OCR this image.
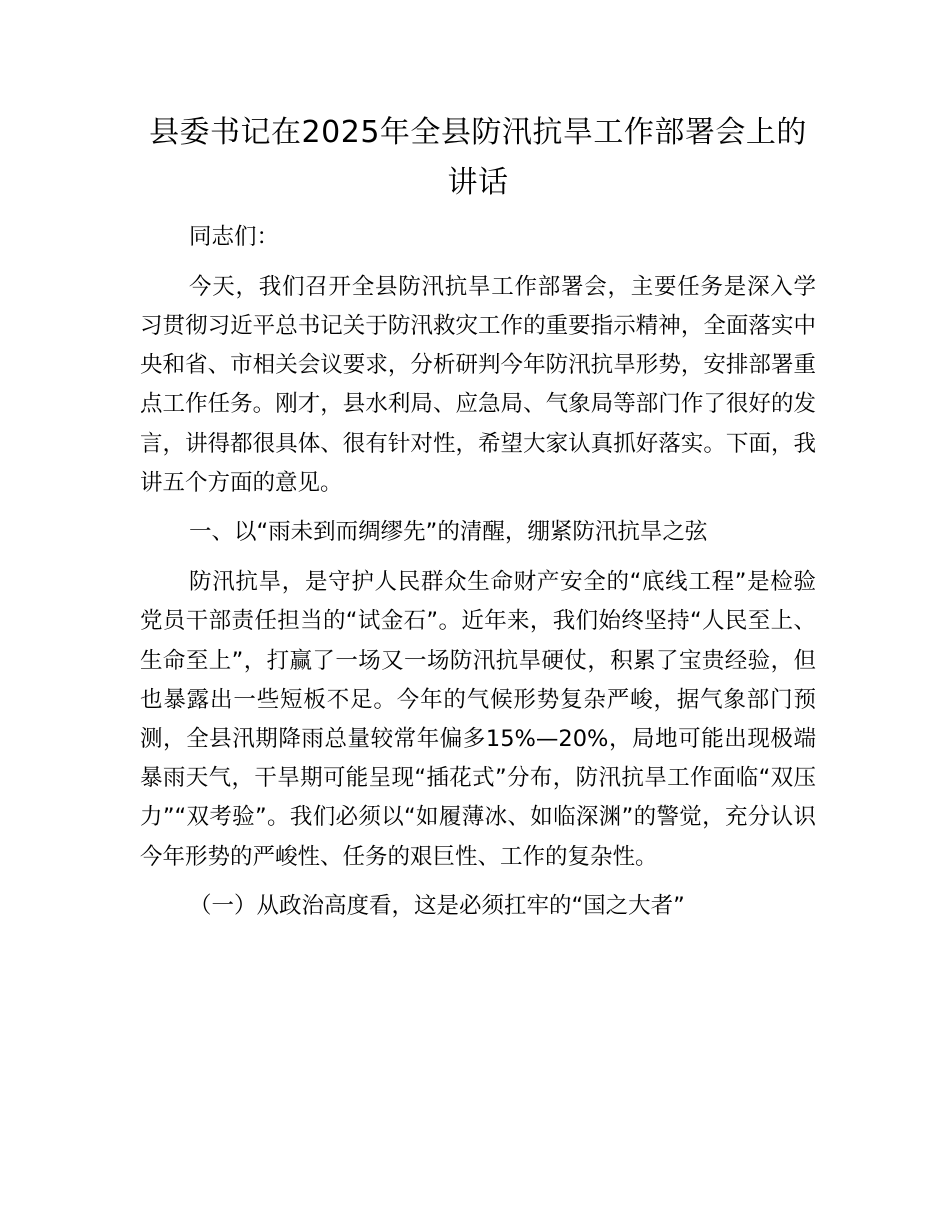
县委书记在2025年全县防汛抗旱工作部署会上的讲话

同志们：

今天，我们召开全县防汛抗旱工作部署会，主要任务是深入学习贯彻习近平总书记关于防汛救灾工作的重要指示精神，全面落实中央和省、市相关会议要求，分析研判今年防汛抗旱形势，安排部署重点工作任务。刚才，县水利局、应急局、气象局等部门作了很好的发言，讲得都很具体、很有针对性，希望大家认真抓好落实。下面，我讲五个方面的意见。

一、以“雨未到而绸缪先”的清醒，绷紧防汛抗旱之弦

防汛抗旱，是守护人民群众生命财产安全的“底线工程”是检验党员干部责任担当的“试金石”。近年来，我们始终坚持“人民至上、生命至上”，打赢了一场又一场防汛抗旱硬仗，积累了宝贵经验，但也暴露出一些短板不足。今年的气候形势复杂严峻，据气象部门预测，全县汛期降雨总量较常年偏多15%—20%，局地可能出现极端暴雨天气，干旱期可能呈现“插花式”分布，防汛抗旱工作面临“双压力”“双考验”。我们必须以“如履薄冰、如临深渊”的警觉，充分认识今年形势的严峻性、任务的艰巨性、工作的复杂性。

（一）从政治高度看，这是必须扛牢的“国之大者”
